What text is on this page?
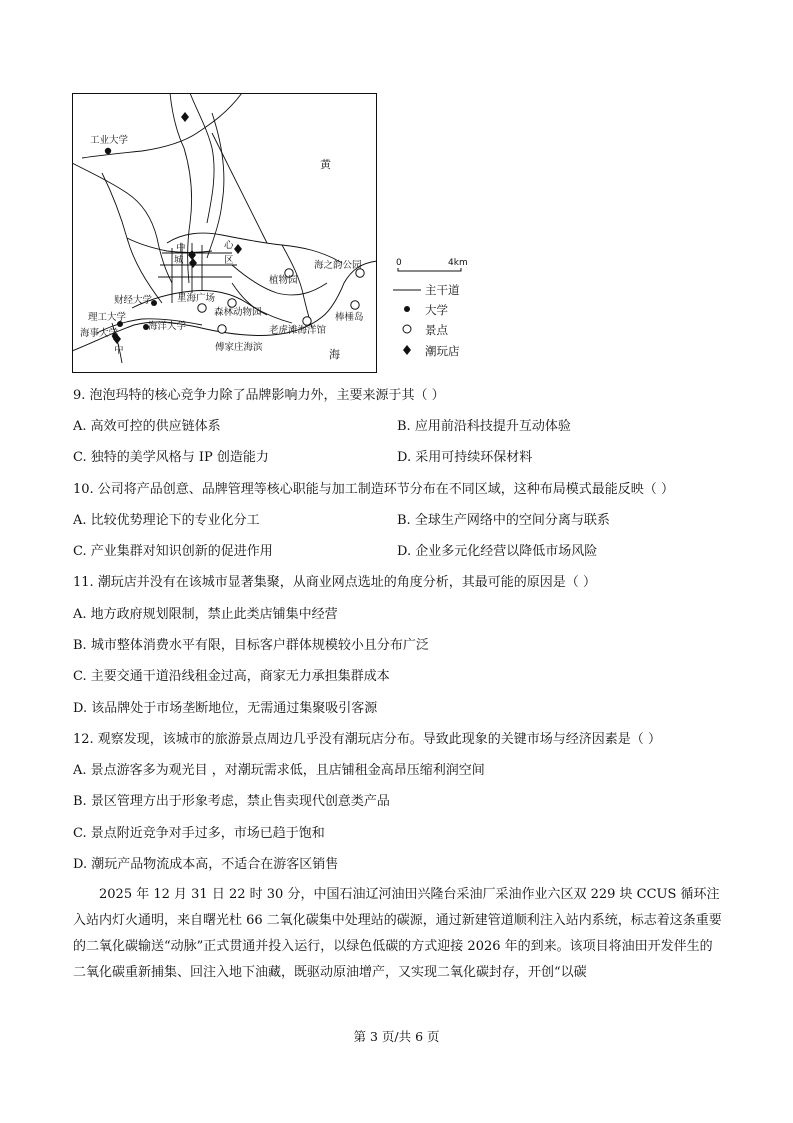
工业大学
黄
中	心
城	区	海之韵公园
植物园
财经大学	星海广场
森林动物园
理工大学
海洋大学
棒棰岛
海事大学	老虎滩海洋馆
傅家庄海滨
中	海
0	4km
主干道
大学
景点
潮玩店
9. 泡泡玛特的核心竞争力除了品牌影响力外，主要来源于其（ ）
A. 高效可控的供应链体系	B. 应用前沿科技提升互动体验
C. 独特的美学风格与 IP 创造能力	D. 采用可持续环保材料
10. 公司将产品创意、品牌管理等核心职能与加工制造环节分布在不同区域，这种布局模式最能反映（ ）
A. 比较优势理论下的专业化分工	B. 全球生产网络中的空间分离与联系
C. 产业集群对知识创新的促进作用	D. 企业多元化经营以降低市场风险
11. 潮玩店并没有在该城市显著集聚，从商业网点选址的角度分析，其最可能的原因是（ ）
A. 地方政府规划限制，禁止此类店铺集中经营
B. 城市整体消费水平有限，目标客户群体规模较小且分布广泛
C. 主要交通干道沿线租金过高，商家无力承担集群成本
D. 该品牌处于市场垄断地位，无需通过集聚吸引客源
12. 观察发现，该城市的旅游景点周边几乎没有潮玩店分布。导致此现象的关键市场与经济因素是（ ）
A. 景点游客多为观光目 ，对潮玩需求低，且店铺租金高昂压缩利润空间
B. 景区管理方出于形象考虑，禁止售卖现代创意类产品
C. 景点附近竞争对手过多，市场已趋于饱和
D. 潮玩产品物流成本高，不适合在游客区销售
2025 年 12 月 31 日 22 时 30 分，中国石油辽河油田兴隆台采油厂采油作业六区双 229 块 CCUS 循环注入站内灯火通明，来自曙光杜 66 二氧化碳集中处理站的碳源，通过新建管道顺利注入站内系统，标志着这条重要的二氧化碳输送“动脉”正式贯通并投入运行，以绿色低碳的方式迎接 2026 年的到来。该项目将油田开发伴生的二氧化碳重新捕集、回注入地下油藏，既驱动原油增产，又实现二氧化碳封存，开创“以碳
第 3 页/共 6 页
